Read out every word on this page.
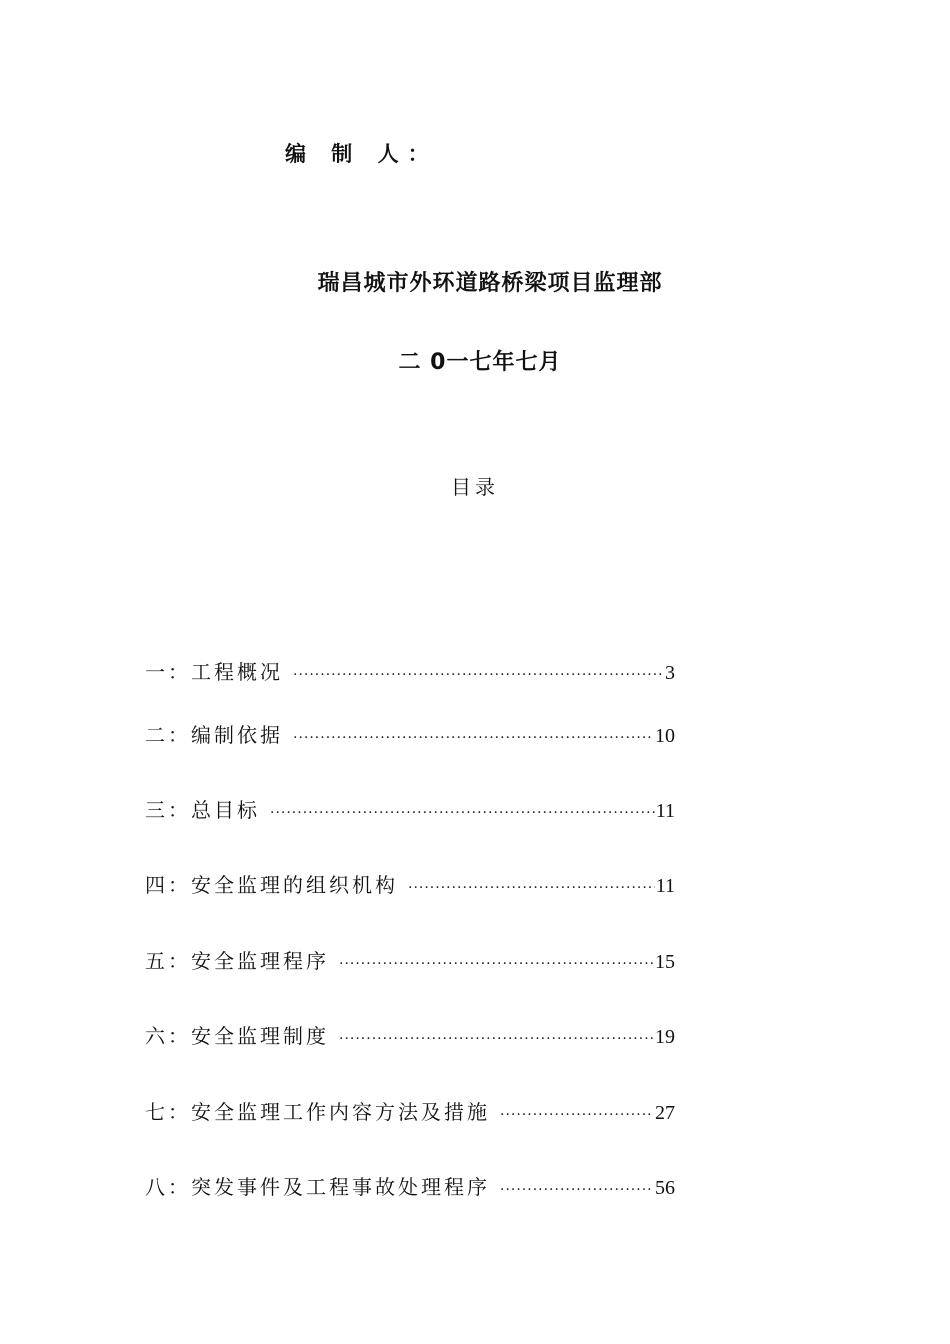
编 制 人：
瑞昌城市外环道路桥梁项目监理部
二 0一七年七月
目录
一： 工程概况 ·····	3
二： 编制依据 ·····	10
三： 总目标 ·····	11
四： 安全监理的组织机构 ·····	11
五： 安全监理程序 ·····	15
六： 安全监理制度 ·····	19
七： 安全监理工作内容方法及措施 ·····	27
八： 突发事件及工程事故处理程序 ·····	56
